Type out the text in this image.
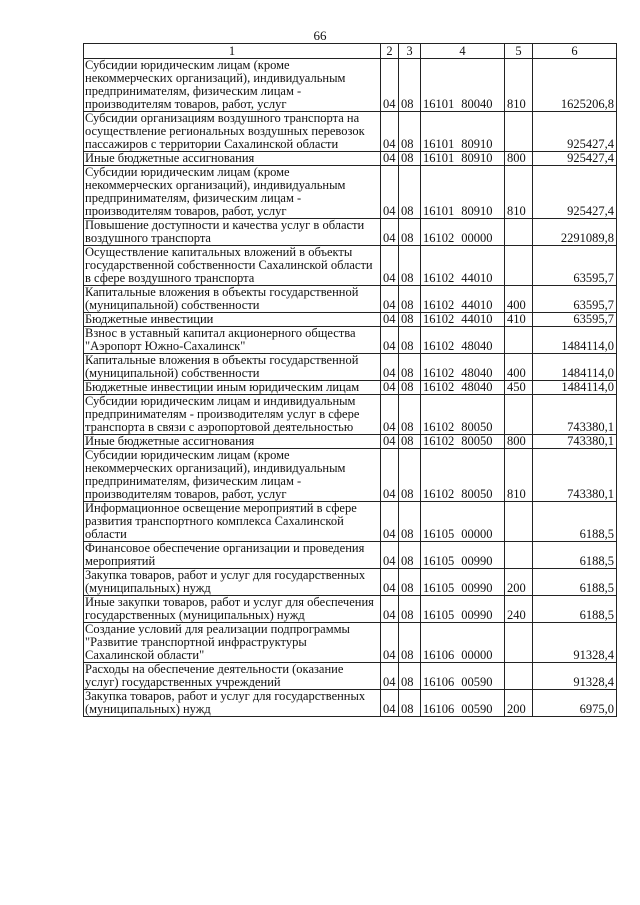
66
1	2	3	4	5	6
Субсидии юридическим лицам (кроме некоммерческих организаций), индивидуальным предпринимателям, физическим лицам - производителям товаров, работ, услуг	04	08	16101 80040	810	1625206,8
Субсидии организациям воздушного транспорта на осуществление региональных воздушных перевозок пассажиров с территории Сахалинской области	04	08	16101 80910		925427,4
Иные бюджетные ассигнования	04	08	16101 80910	800	925427,4
Субсидии юридическим лицам (кроме некоммерческих организаций), индивидуальным предпринимателям, физическим лицам - производителям товаров, работ, услуг	04	08	16101 80910	810	925427,4
Повышение доступности и качества услуг в области воздушного транспорта	04	08	16102 00000		2291089,8
Осуществление капитальных вложений в объекты государственной собственности Сахалинской области в сфере воздушного транспорта	04	08	16102 44010		63595,7
Капитальные вложения в объекты государственной (муниципальной) собственности	04	08	16102 44010	400	63595,7
Бюджетные инвестиции	04	08	16102 44010	410	63595,7
Взнос в уставный капитал акционерного общества "Аэропорт Южно-Сахалинск"	04	08	16102 48040		1484114,0
Капитальные вложения в объекты государственной (муниципальной) собственности	04	08	16102 48040	400	1484114,0
Бюджетные инвестиции иным юридическим лицам	04	08	16102 48040	450	1484114,0
Субсидии юридическим лицам и индивидуальным предпринимателям - производителям услуг в сфере транспорта в связи с аэропортовой деятельностью	04	08	16102 80050		743380,1
Иные бюджетные ассигнования	04	08	16102 80050	800	743380,1
Субсидии юридическим лицам (кроме некоммерческих организаций), индивидуальным предпринимателям, физическим лицам - производителям товаров, работ, услуг	04	08	16102 80050	810	743380,1
Информационное освещение мероприятий в сфере развития транспортного комплекса Сахалинской области	04	08	16105 00000		6188,5
Финансовое обеспечение организации и проведения мероприятий	04	08	16105 00990		6188,5
Закупка товаров, работ и услуг для государственных (муниципальных) нужд	04	08	16105 00990	200	6188,5
Иные закупки товаров, работ и услуг для обеспечения государственных (муниципальных) нужд	04	08	16105 00990	240	6188,5
Создание условий для реализации подпрограммы "Развитие транспортной инфраструктуры Сахалинской области"	04	08	16106 00000		91328,4
Расходы на обеспечение деятельности (оказание услуг) государственных учреждений	04	08	16106 00590		91328,4
Закупка товаров, работ и услуг для государственных (муниципальных) нужд	04	08	16106 00590	200	6975,0
